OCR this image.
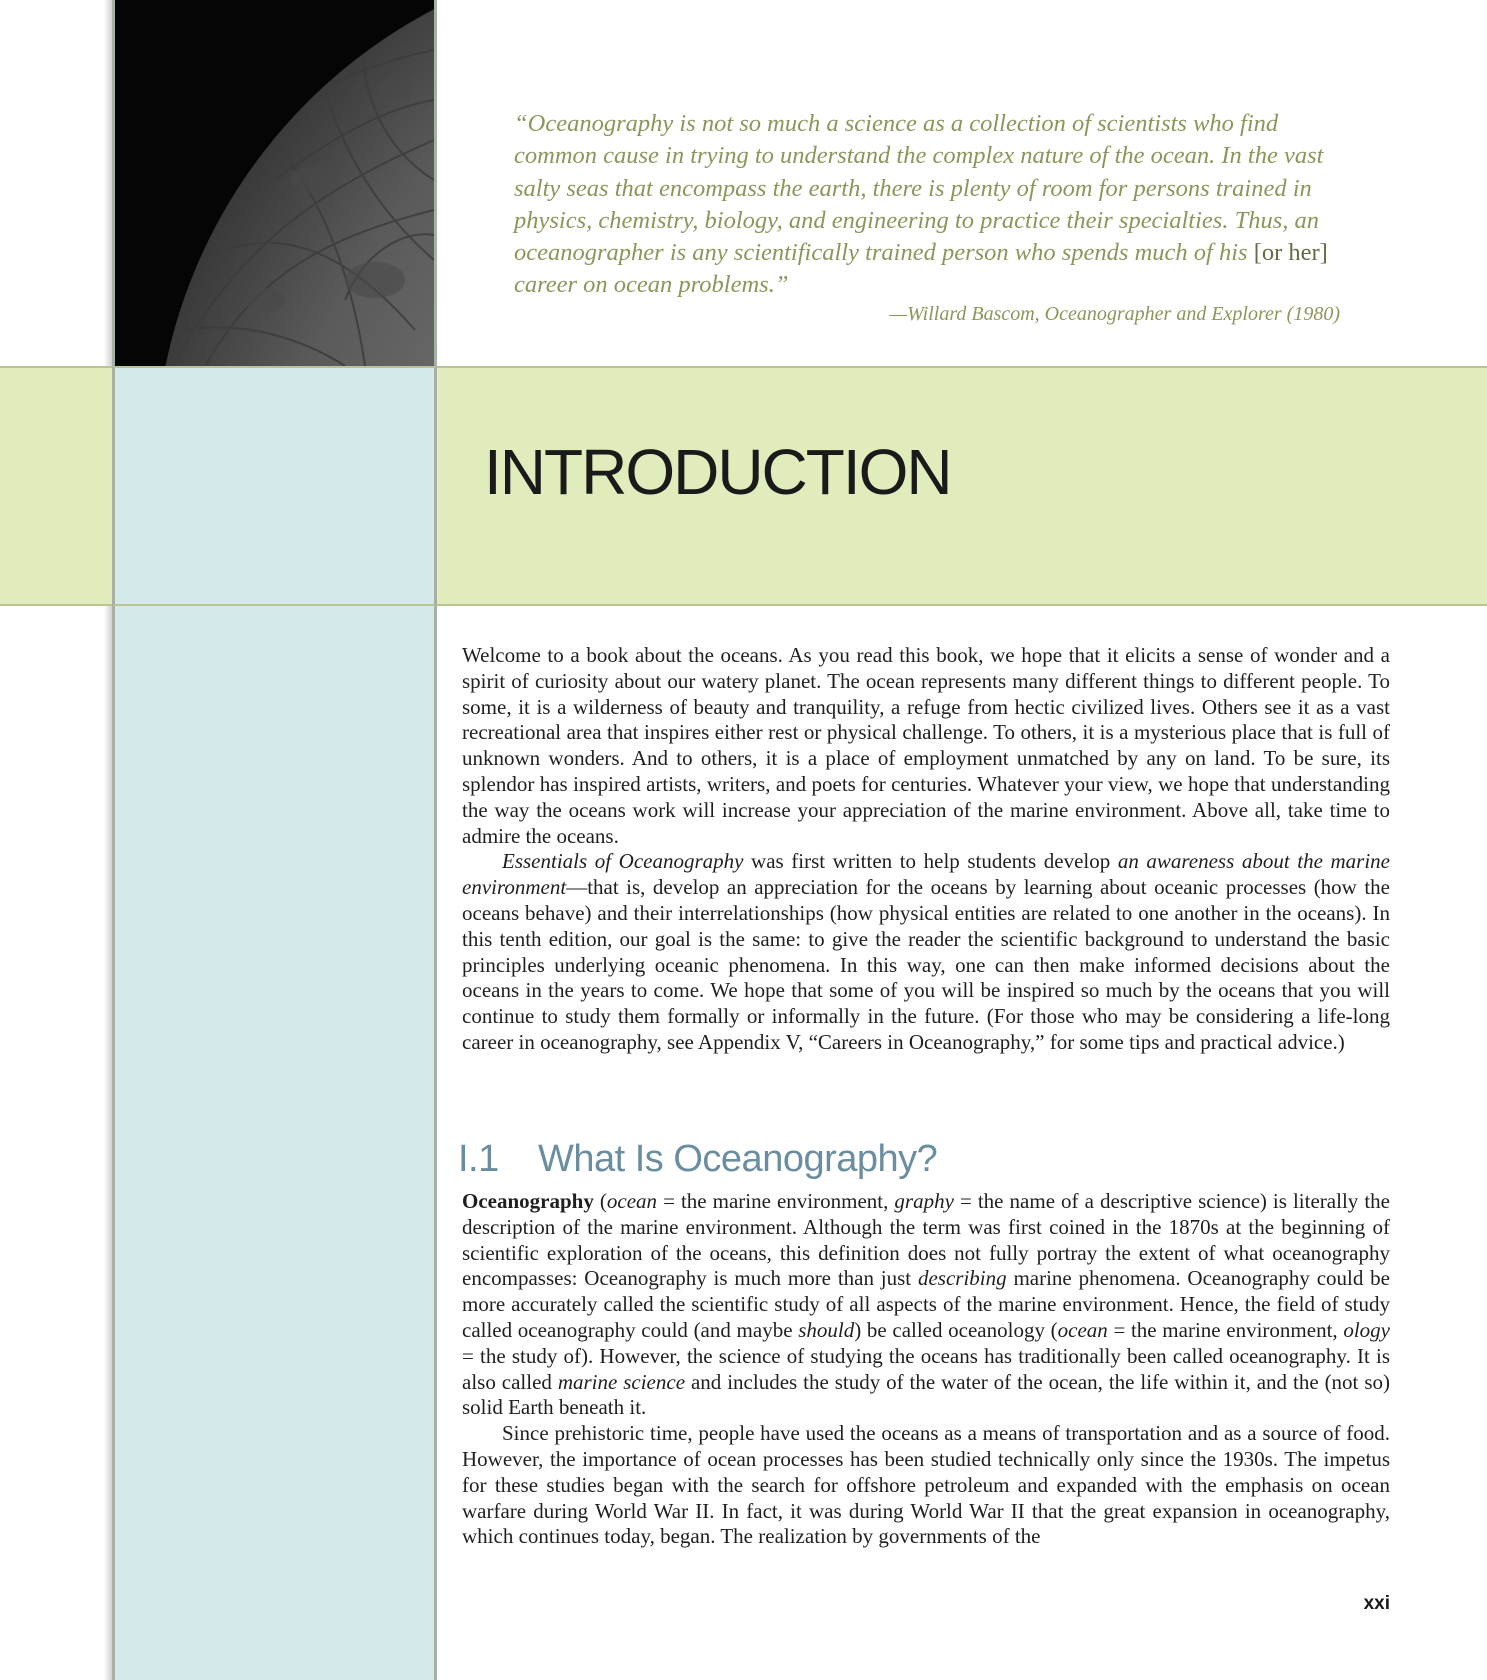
“Oceanography is not so much a science as a collection of scientists who find common cause in trying to understand the complex nature of the ocean. In the vast salty seas that encompass the earth, there is plenty of room for persons trained in physics, chemistry, biology, and engineering to practice their specialties. Thus, an oceanographer is any scientifically trained person who spends much of his [or her] career on ocean problems.”

—Willard Bascom, Oceanographer and Explorer (1980)
INTRODUCTION

Welcome to a book about the oceans. As you read this book, we hope that it elicits a sense of wonder and a spirit of curiosity about our watery planet. The ocean represents many different things to different people. To some, it is a wilderness of beauty and tranquility, a refuge from hectic civilized lives. Others see it as a vast recreational area that inspires either rest or physical challenge. To others, it is a mysterious place that is full of unknown wonders. And to others, it is a place of employment unmatched by any on land. To be sure, its splendor has inspired artists, writers, and poets for centuries. Whatever your view, we hope that understanding the way the oceans work will increase your appreciation of the marine environment. Above all, take time to admire the oceans.

Essentials of Oceanography was first written to help students develop an awareness about the marine environment—that is, develop an appreciation for the oceans by learning about oceanic processes (how the oceans behave) and their interrelationships (how physical entities are related to one another in the oceans). In this tenth edition, our goal is the same: to give the reader the scientific background to understand the basic principles underlying oceanic phenomena. In this way, one can then make informed decisions about the oceans in the years to come. We hope that some of you will be inspired so much by the oceans that you will continue to study them formally or informally in the future. (For those who may be considering a life-long career in oceanography, see Appendix V, “Careers in Oceanography,” for some tips and practical advice.)

I.1 What Is Oceanography?

Oceanography (ocean = the marine environment, graphy = the name of a descriptive science) is literally the description of the marine environment. Although the term was first coined in the 1870s at the beginning of scientific exploration of the oceans, this definition does not fully portray the extent of what oceanography encompasses: Oceanography is much more than just describing marine phenomena. Oceanography could be more accurately called the scientific study of all aspects of the marine environment. Hence, the field of study called oceanography could (and maybe should) be called oceanology (ocean = the marine environment, ology = the study of). However, the science of studying the oceans has traditionally been called oceanography. It is also called marine science and includes the study of the water of the ocean, the life within it, and the (not so) solid Earth beneath it.

Since prehistoric time, people have used the oceans as a means of transportation and as a source of food. However, the importance of ocean processes has been studied technically only since the 1930s. The impetus for these studies began with the search for offshore petroleum and expanded with the emphasis on ocean warfare during World War II. In fact, it was during World War II that the great expansion in oceanography, which continues today, began. The realization by governments of the

xxi
